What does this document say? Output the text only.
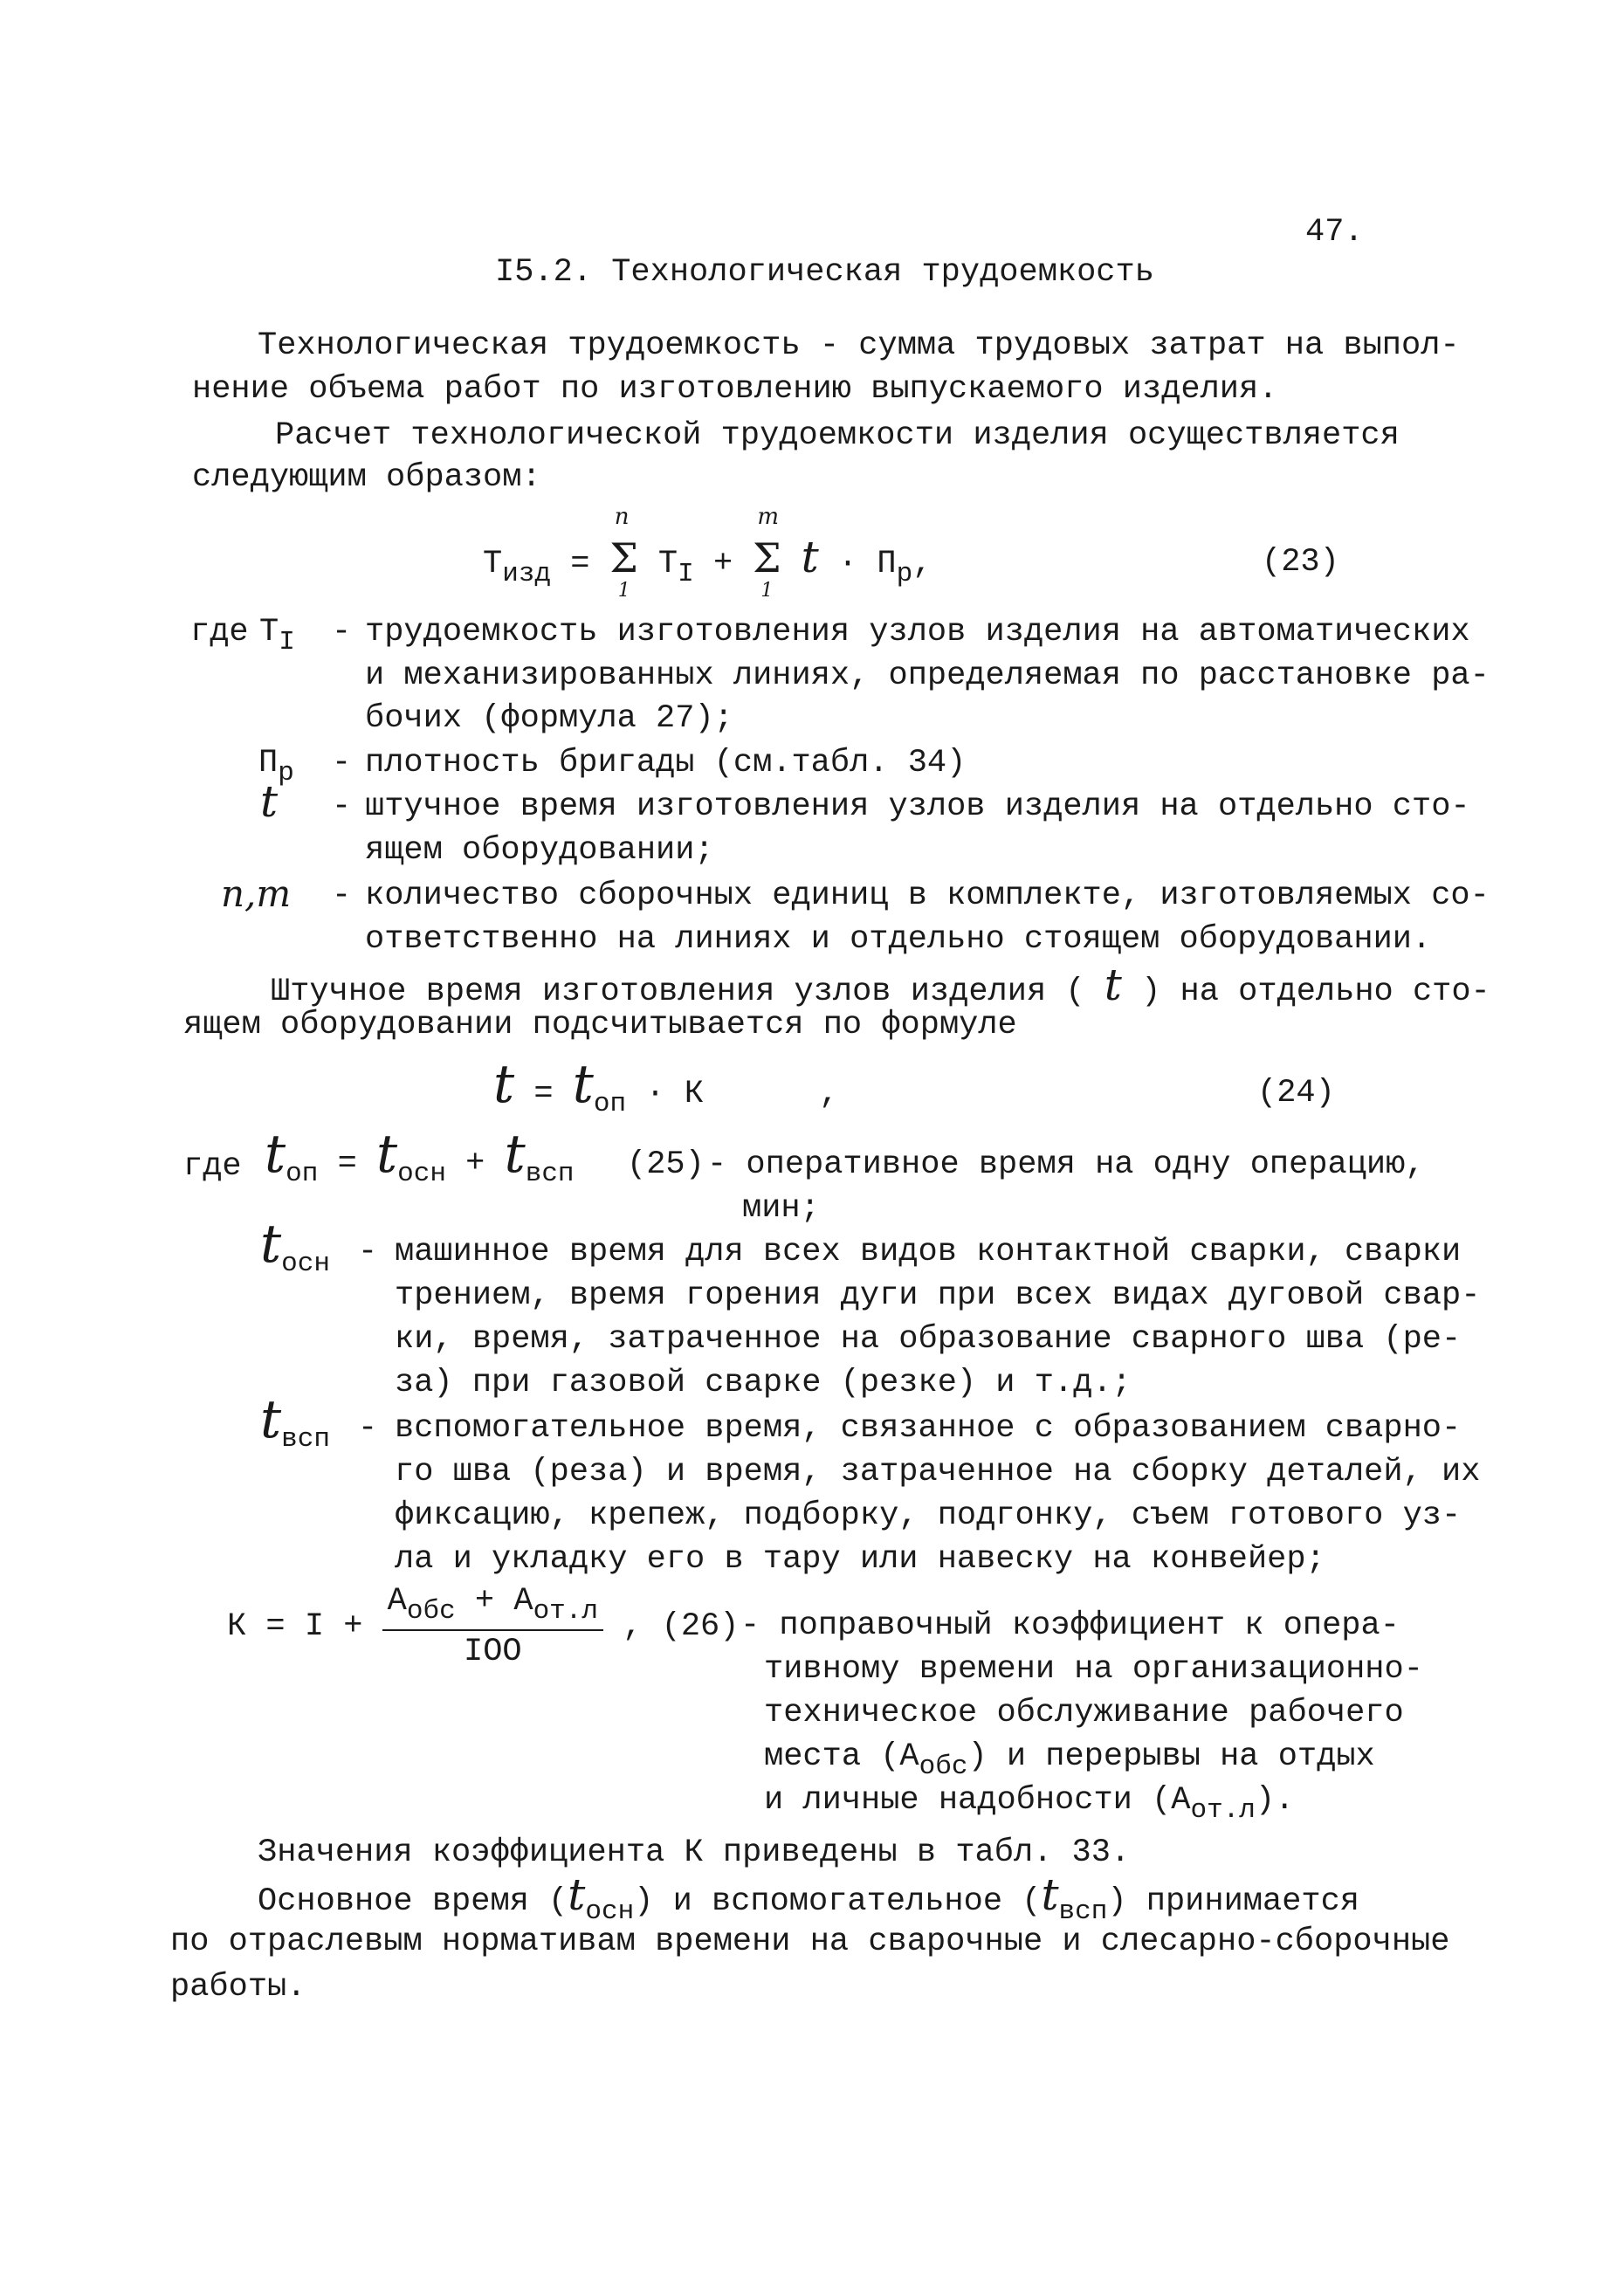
47.
I5.2. Технологическая трудоемкость
Технологическая трудоемкость - сумма трудовых затрат на выпол-
нение объема работ по изготовлению выпускаемого изделия.
Расчет технологической трудоемкости изделия осуществляется
следующим образом:
$Т_{изд} = \Sigma$
n
1
$Т_I + \Sigma$
m
1
$t \cdot П_р$,	(23)
где $Т_I$ - трудоемкость изготовления узлов изделия на автоматических
и механизированных линиях, определяемая по расстановке ра-
бочих (формула 27);
$П_р$ - плотность бригады (см.табл. 34)
t - штучное время изготовления узлов изделия на отдельно сто-
ящем оборудовании;
n,m - количество сборочных единиц в комплекте, изготовляемых со-
ответственно на линиях и отдельно стоящем оборудовании.
Штучное время изготовления узлов изделия ( t ) на отдельно сто-
ящем оборудовании подсчитывается по формуле
$t = t_{оп} \cdot К$	,	(24)
где $t_{оп} = t_{осн} + t_{всп}$ (25) - оперативное время на одну операцию,
мин;
$t_{осн}$ - машинное время для всех видов контактной сварки, сварки
трением, время горения дуги при всех видах дуговой свар-
ки, время, затраченное на образование сварного шва (ре-
за) при газовой сварке (резке) и т.д.;
$t_{всп}$ - вспомогательное время, связанное с образованием сварно-
го шва (реза) и время, затраченное на сборку деталей, их
фиксацию, крепеж, подборку, подгонку, съем готового уз-
ла и укладку его в тару или навеску на конвейер;
$К = I + \frac{А_{обс} + А_{от.л}}{\text{IOO}}$ , (26) - поправочный коэффициент к опера-
тивному времени на организационно-
техническое обслуживание рабочего
места $(А_{обс})$ и перерывы на отдых
и личные надобности $(А_{от.л})$.
Значения коэффициента К приведены в табл. 33.
Основное время $(t_{осн})$ и вспомогательное $(t_{всп})$ принимается
по отраслевым нормативам времени на сварочные и слесарно-сборочные
работы.
